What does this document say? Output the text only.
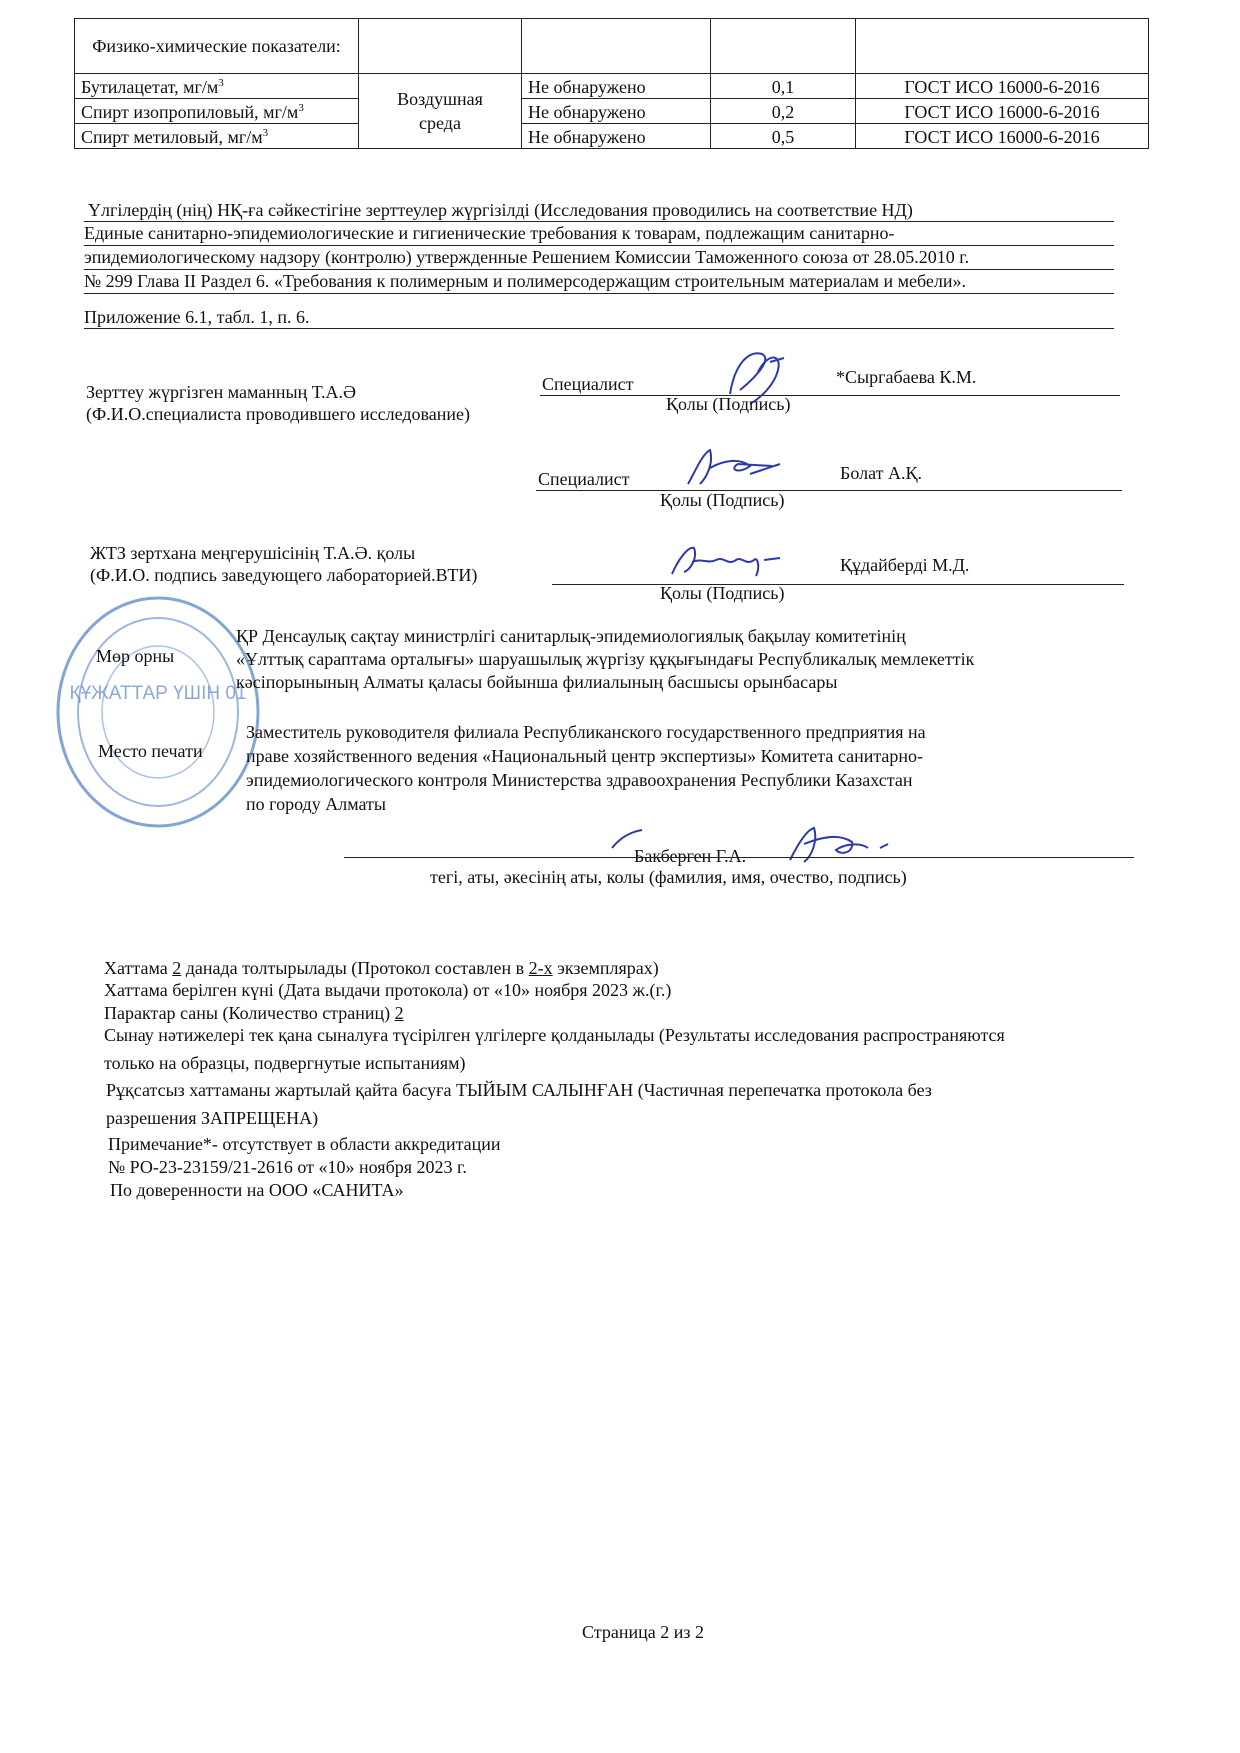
Физико-химические показатели:				
Бутилацетат, $мг/м^3$	Воздушная среда	Не обнаружено	0,1	ГОСТ ИСО 16000-6-2016
Спирт изопропиловый, $мг/м^3$		Не обнаружено	0,2	ГОСТ ИСО 16000-6-2016
Спирт метиловый, $мг/м^3$		Не обнаружено	0,5	ГОСТ ИСО 16000-6-2016
Үлгілердің (нің) НҚ-ға сәйкестігіне зерттеулер жүргізілді (Исследования проводились на соответствие НД)
Единые санитарно-эпидемиологические и гигиенические требования к товарам, подлежащим санитарно-
эпидемиологическому надзору (контролю) утвержденные Решением Комиссии Таможенного союза от 28.05.2010 г.
№ 299 Глава II Раздел 6. «Требования к полимерным и полимерсодержащим строительным материалам и мебели».
Приложение 6.1, табл. 1, п. 6.
Зерттеу жүргізген маманның Т.А.Ә
(Ф.И.О.специалиста проводившего исследование)
Специалист	*Сыргабаева К.М.
Қолы (Подпись)
Специалист	Болат А.Қ.
Қолы (Подпись)
ЖТЗ зертхана меңгерушісінің Т.А.Ә. қолы
(Ф.И.О. подпись заведующего лабораторией.ВТИ)	Құдайберді М.Д.
Қолы (Подпись)
ҚҰЖАТТАР ҮШІН 01
Мөр орны
ҚР Денсаулық сақтау министрлігі санитарлық-эпидемиологиялық бақылау комитетінің
«Ұлттық сараптама орталығы» шаруашылық жүргізу құқығындағы Республикалық мемлекеттік
кәсіпорынының Алматы қаласы бойынша филиалының басшысы орынбасары
Место печати
Заместитель руководителя филиала Республиканского государственного предприятия на
праве хозяйственного ведения «Национальный центр экспертизы» Комитета санитарно-
эпидемиологического контроля Министерства здравоохранения Республики Казахстан
по городу Алматы
Бакберген Г.А.
тегі, аты, әкесінің аты, колы (фамилия, имя, очество, подпись)
Хаттама 2 данада толтырылады (Протокол составлен в 2-х экземплярах)
Хаттама берілген күні (Дата выдачи протокола) от «10» ноября 2023 ж.(г.)
Парактар саны (Количество страниц) 2
Сынау нәтижелері тек қана сыналуға түсірілген үлгілерге қолданылады (Результаты исследования распространяются
только на образцы, подвергнутые испытаниям)
Рұқсатсыз хаттаманы жартылай қайта басуға ТЫЙЫМ САЛЫНҒАН (Частичная перепечатка протокола без
разрешения ЗАПРЕЩЕНА)
Примечание*- отсутствует в области аккредитации
№ РО-23-23159/21-2616 от «10» ноября 2023 г.
По доверенности на ООО «САНИТА»
Страница 2 из 2
